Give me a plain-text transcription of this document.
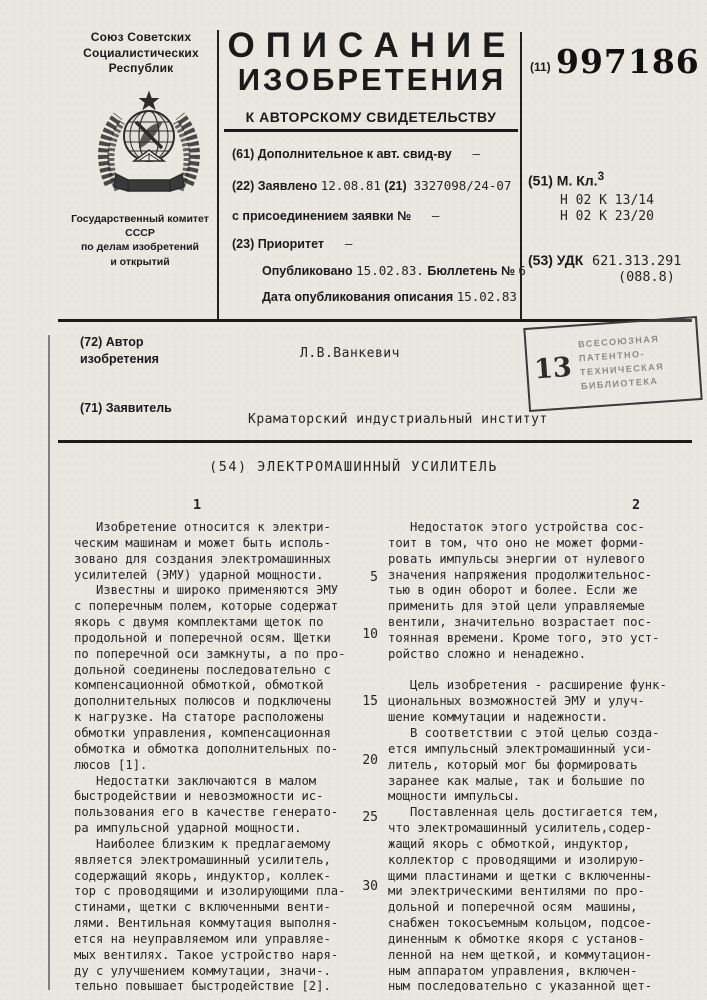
Союз Советских
Социалистических
Республик
Государственный комитет
СССР
по делам изобретений
и открытий
ОПИСАНИЕ
ИЗОБРЕТЕНИЯ
К АВТОРСКОМУ СВИДЕТЕЛЬСТВУ
(61) Дополнительное к авт. свид-ву –
(22) Заявлено 12.08.81 (21) 3327098/24-07
с присоединением заявки № –
(23) Приоритет –
Опубликовано 15.02.83. Бюллетень № 6
Дата опубликования описания 15.02.83
(11) 997186
(51) М. Кл.$^3$
Н 02 К 13/14
Н 02 К 23/20
(53) УДК 621.313.291
(088.8)
(72) Автор
изобретения	Л.В.Ванкевич	13
ВСЕСОЮЗНАЯ
ПАТЕНТНО-
ТЕХНИЧЕСКАЯ
БИБЛИОТЕКА
(71) Заявитель
Краматорский индустриальный институт
(54) ЭЛЕКТРОМАШИННЫЙ УСИЛИТЕЛЬ
1	2
Изобретение относится к электри-
ческим машинам и может быть исполь-
зовано для создания электромашинных
усилителей (ЭМУ) ударной мощности.
Известны и широко применяются ЭМУ
с поперечным полем, которые содержат
якорь с двумя комплектами щеток по
продольной и поперечной осям. Щетки
по поперечной оси замкнуты, а по про-
дольной соединены последовательно с
компенсационной обмоткой, обмоткой
дополнительных полюсов и подключены
к нагрузке. На статоре расположены
обмотки управления, компенсационная
обмотка и обмотка дополнительных по-
люсов [1].
Недостатки заключаются в малом
быстродействии и невозможности ис-
пользования его в качестве генерато-
ра импульсной ударной мощности.
Наиболее близким к предлагаемому
является электромашинный усилитель,
содержащий якорь, индуктор, коллек-
тор с проводящими и изолирующими пла-
стинами, щетки с включенными венти-
лями. Вентильная коммутация выполня-
ется на неуправляемом или управляе-
мых вентилях. Такое устройство наря-
ду с улучшением коммутации, значи-.
тельно повышает быстродействие [2].
Недостаток этого устройства сос-
тоит в том, что оно не может форми-
ровать импульсы энергии от нулевого
значения напряжения продолжительнос-
тью в один оборот и более. Если же
применить для этой цели управляемые
вентили, значительно возрастает пос-
тоянная времени. Кроме того, это уст-
ройство сложно и ненадежно.

Цель изобретения - расширение функ-
циональных возможностей ЭМУ и улуч-
шение коммутации и надежности.
В соответствии с этой целью созда-
ется импульсный электромашинный уси-
литель, который мог бы формировать
заранее как малые, так и большие по
мощности импульсы.
Поставленная цель достигается тем,
что электромашинный усилитель,содер-
жащий якорь с обмоткой, индуктор,
коллектор с проводящими и изолирую-
щими пластинами и щетки с включенны-
ми электрическими вентилями по про-
дольной и поперечной осям  машины,
снабжен токосъемным кольцом, подсое-
диненным к обмотке якоря с установ-
ленной на нем щеткой, и коммутацион-
ным аппаратом управления, включен-
ным последовательно с указанной щет-
5
10
15
20
25
30
